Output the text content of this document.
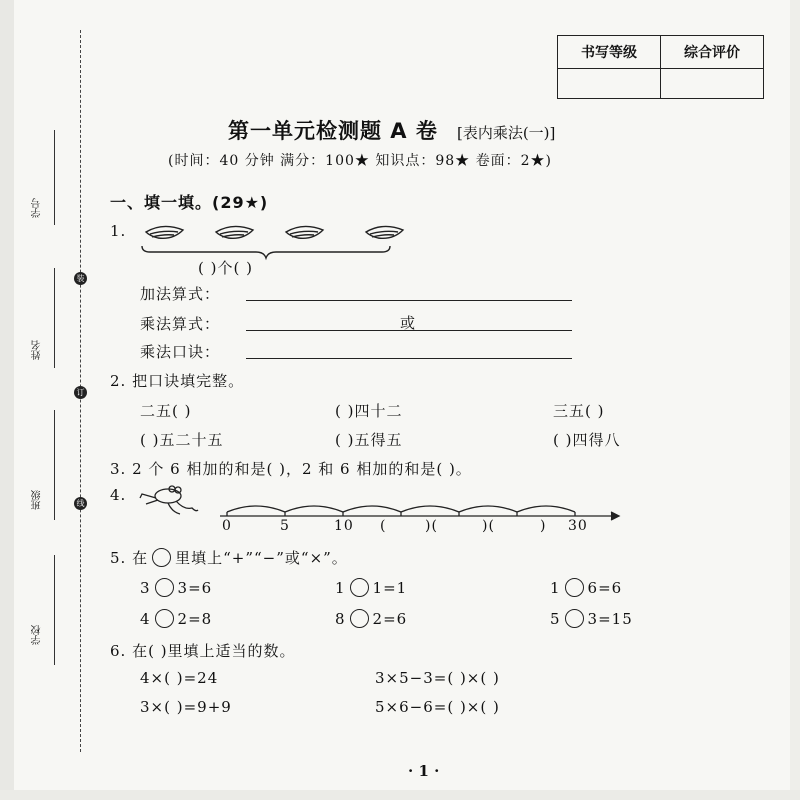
装
订
线
学号
姓名
班级
学校
书写等级	综合评价

第一单元检测题 A 卷 [表内乘法(一)]
(时间：40 分钟 满分：100★ 知识点：98★ 卷面：2★)
一、填一填。(29★)
1.
( )个( )
加法算式：
乘法算式：	或
乘法口诀：
2. 把口诀填完整。
二五( )	( )四十二	三五( )
( )五二十五	( )五得五	( )四得八
3. 2 个 6 相加的和是( )，2 和 6 相加的和是( )。
4.
0	5	10 (	)(	)(	) 30
5. 在 里填上“+”“−”或“×”。
3 3=6	1 1=1	1 6=6
4 2=8	8 2=6	5 3=15
6. 在( )里填上适当的数。
4×( )=24	3×5−3=( )×( )
3×( )=9+9	5×6−6=( )×( )
· 1 ·
